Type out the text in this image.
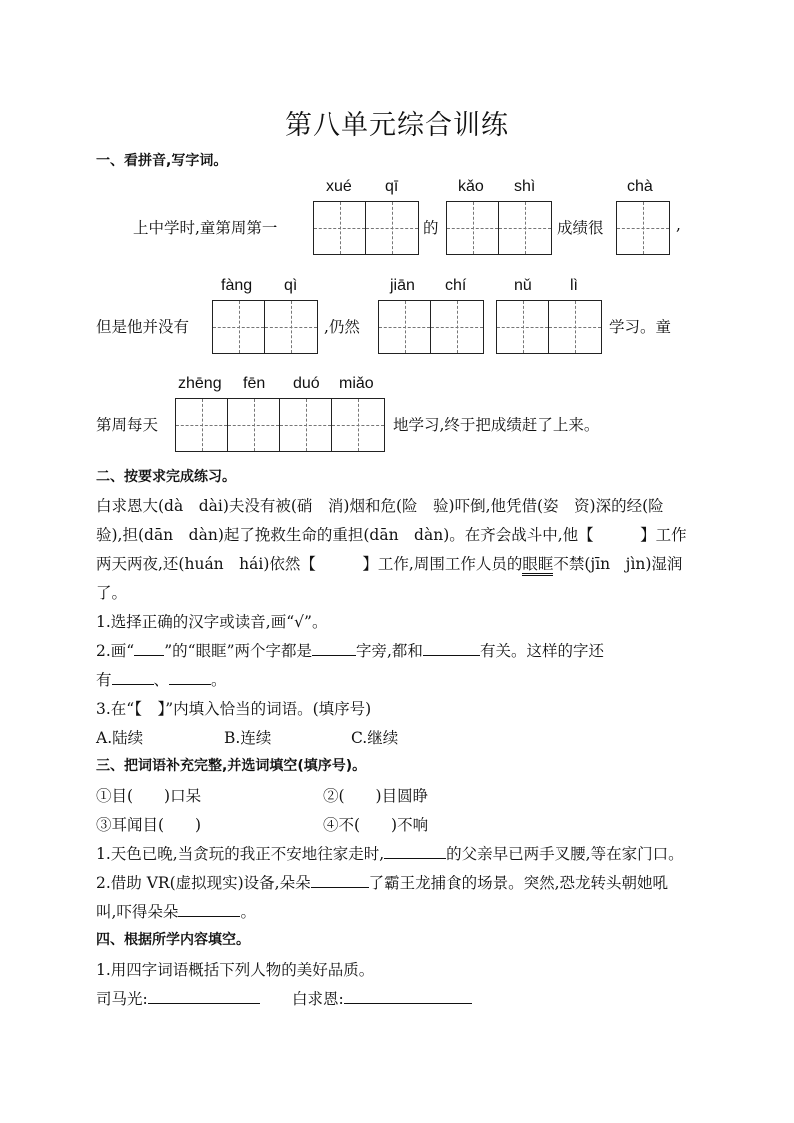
第八单元综合训练
一、看拼音,写字词。
xué qī	kǎo shì	chà
上中学时,童第周第一	的	成绩很	,
fàng qì	jiān chí	nǔ lì
但是他并没有	,仍然	学习。童
zhēng fēn duó miǎo
第周每天	地学习,终于把成绩赶了上来。
二、按要求完成练习。
白求恩大(dà　dài)夫没有被(硝　消)烟和危(险　验)吓倒,他凭借(姿　资)深的经(险
验),担(dān　dàn)起了挽救生命的重担(dān　dàn)。在齐会战斗中,他【　　　】工作
两天两夜,还(huán　hái)依然【　　　】工作,周围工作人员的眼眶不禁(jīn　jìn)湿润
了。
1.选择正确的汉字或读音,画“√”。
2.画“ ”的“眼眶”两个字都是	字旁,都和	有关。这样的字还
有	、	。
3.在“【　】”内填入恰当的词语。(填序号)
A.陆续	B.连续	C.继续
三、把词语补充完整,并选词填空(填序号)。
①目(　　)口呆	②(　　)目圆睁
③耳闻目(　　)	④不(　　)不响
1.天色已晚,当贪玩的我正不安地往家走时,	的父亲早已两手叉腰,等在家门口。
2.借助 VR(虚拟现实)设备,朵朵	了霸王龙捕食的场景。突然,恐龙转头朝她吼
叫,吓得朵朵	。
四、根据所学内容填空。
1.用四字词语概括下列人物的美好品质。
司马光:	白求恩:
